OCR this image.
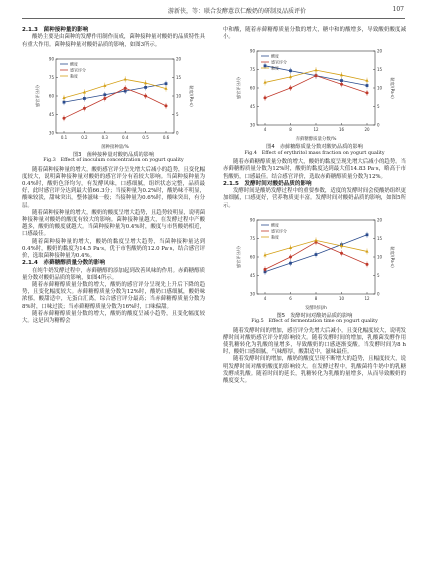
游新侠，等：联合发酵薏苡仁酸奶的研制及品质评价	107
2.1.3　菌种接种量的影响

酸奶主要是由菌种的发酵作用制作而成，菌种接种量对酸奶的品质特性具有重大作用。菌种接种量对酸奶品质的影响，如图3所示。

30
45
60
75
90
0
5
10
15
20
0.1	0.2	0.3	0.4	0.5	0.6
菌种接种量/%
感官评分/分	黏度/(Pa·s)
酸度
感官评分
黏度
图3　菌种接种量对酸奶品质的影响
Fig.3　Effect of inoculum concentration on yogurt quality

随着菌种接种量的增大，酸奶感官评分呈先增大后减小的趋势，且变化幅度较大，说明菌种接种量对酸奶的感官评分有着较大影响。当菌种接种量为0.4%时，酸奶色泽均匀，有发酵风味，口感细腻，组织状态完整，品质最好，此时感官评分达到最大值66.3分；当接种量为0.2%时，酸奶味不明显，酸味较淡，甜味突出，整体滋味一般；当接种量为0.6%时，酸味突出，有分层。

随着菌种接种量的增大，酸奶的酸度呈增大趋势，且趋势较明显，说明菌种接种量对酸奶的酸度有较大的影响。菌种接种量越大，在发酵过程中产酸越多，酸奶的酸度就越大。当菌种接种量为0.4%时，酸度与市售酸奶相近，口感最佳。

随着菌种接种量的增大，酸奶的黏度呈增大趋势，当菌种接种量达到0.4%时，酸奶的黏度为14.5 Pa·s，优于市售酸奶的12.0 Pa·s，结合感官评价，选取菌种接种量为0.4%。

2.1.4　赤藓糖醇质量分数的影响

在纯牛奶发酵过程中，赤藓糖醇的添加起到改善风味的作用。赤藓糖醇质量分数对酸奶品质的影响，如图4所示。

随着赤藓糖醇质量分数的增大，酸奶的感官评分呈现先上升后下降的趋势，且变化幅度较大。赤藓糖醇质量分数为12%时，酸奶口感细腻，酸奶味浓郁，酸甜适中，无蛋白汇离，综合感官评分最高；当赤藓糖醇质量分数为8%时，口味过淡；当赤藓糖醇质量分数为16%时，口味偏甜。

随着赤藓糖醇质量分数的增大，酸奶的酸度呈减小趋势，且变化幅度较大。这是因为糖醇会

中和酸，随着赤藓糖醇质量分数的增大，糖中和的酸增多，导致酸奶酸度减小。

30
45
60
75
90
0
5
10
15
20
4	8	12	16	20
赤藓糖醇质量分数/%
感官评分/分	黏度/(Pa·s)
酸度
感官评分
黏度
图4　赤藓糖醇质量分数对酸奶品质的影响
Fig.4　Effect of erythritol mass fraction on yogurt quality

随着赤藓糖醇质量分数的增大，酸奶的黏度呈现先增大后减小的趋势。当赤藓糖醇质量分数为12%时，酸奶的黏度达到最大值14.83 Pa·s，略高于市售酸奶，口感最佳。结合感官评价，选取赤藓糖醇质量分数为12%。

2.1.5　发酵时间对酸奶品质的影响

发酵时间是酸奶发酵过程中的重要参数，适度的发酵时间会使酸奶组织更加细腻，口感更好，营养物质更丰富。发酵时间对酸奶品质的影响，如图5所示。

30
45
60
75
90
0
5
10
15
20
4	6	8	10	12
发酵时间/h
感官评分/分	黏度/(Pa·s)
酸度
感官评分
黏度
图5　发酵时间对酸奶品质的影响
Fig.5　Effect of fermentation time on yogurt quality

随着发酵时间的增加，感官评分先增大后减小，且变化幅度较大，说明发酵时间对酸奶感官评分的影响较大。随着发酵时间的增加，乳酸菌发酵作用使乳糖转化为乳酸的量增多，导致酸奶的口感逐渐变酸。当发酵时间为8 h时，酸奶口感细腻，气味醇厚，酸甜适中，滋味最佳。

随着发酵时间的增加，酸奶的酸度呈现不断增大的趋势，且幅度较大，说明发酵时间对酸奶酸度的影响较大。在发酵过程中，乳酸菌将牛奶中的乳糖发酵成乳酸。随着时间的延长，乳糖转化为乳酸的量增多，从而导致酸奶的酸度变大。
